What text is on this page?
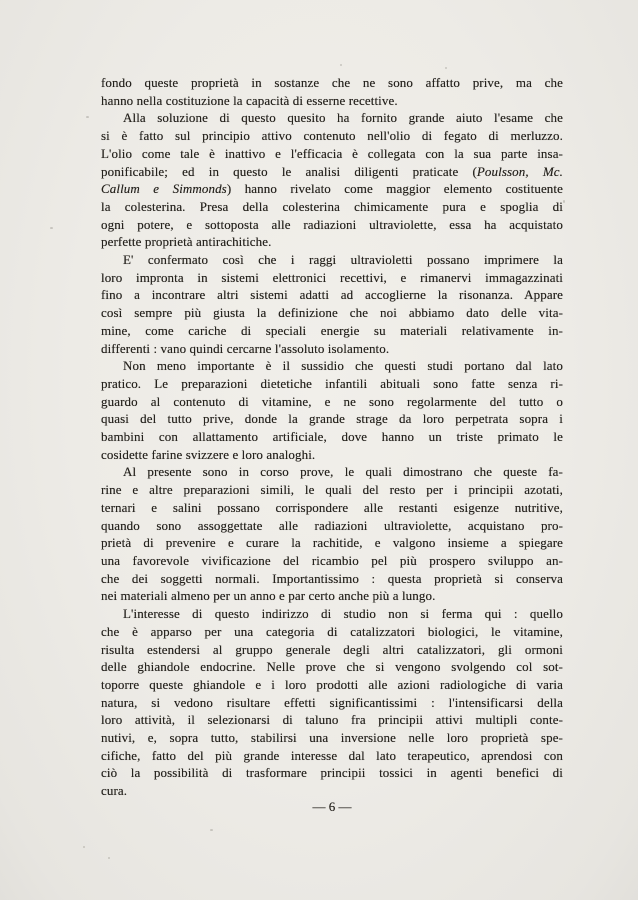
fondo queste proprietà in sostanze che ne sono affatto prive, ma che
hanno nella costituzione la capacità di esserne recettive.
Alla soluzione di questo quesito ha fornito grande aiuto l'esame che
si è fatto sul principio attivo contenuto nell'olio di fegato di merluzzo.
L'olio come tale è inattivo e l'efficacia è collegata con la sua parte insa-
ponificabile; ed in questo le analisi diligenti praticate (Poulsson, Mc.
Callum e Simmonds) hanno rivelato come maggior elemento costituente
la colesterina. Presa della colesterina chimicamente pura e spoglia di
ogni potere, e sottoposta alle radiazioni ultraviolette, essa ha acquistato
perfette proprietà antirachitiche.
E' confermato così che i raggi ultravioletti possano imprimere la
loro impronta in sistemi elettronici recettivi, e rimanervi immagazzinati
fino a incontrare altri sistemi adatti ad accoglierne la risonanza. Appare
così sempre più giusta la definizione che noi abbiamo dato delle vita-
mine, come cariche di speciali energie su materiali relativamente in-
differenti : vano quindi cercarne l'assoluto isolamento.
Non meno importante è il sussidio che questi studi portano dal lato
pratico. Le preparazioni dietetiche infantili abituali sono fatte senza ri-
guardo al contenuto di vitamine, e ne sono regolarmente del tutto o
quasi del tutto prive, donde la grande strage da loro perpetrata sopra i
bambini con allattamento artificiale, dove hanno un triste primato le
cosidette farine svizzere e loro analoghi.
Al presente sono in corso prove, le quali dimostrano che queste fa-
rine e altre preparazioni simili, le quali del resto per i principii azotati,
ternari e salini possano corrispondere alle restanti esigenze nutritive,
quando sono assoggettate alle radiazioni ultraviolette, acquistano pro-
prietà di prevenire e curare la rachitide, e valgono insieme a spiegare
una favorevole vivificazione del ricambio pel più prospero sviluppo an-
che dei soggetti normali. Importantissimo : questa proprietà si conserva
nei materiali almeno per un anno e par certo anche più a lungo.
L'interesse di questo indirizzo di studio non si ferma qui : quello
che è apparso per una categoria di catalizzatori biologici, le vitamine,
risulta estendersi al gruppo generale degli altri catalizzatori, gli ormoni
delle ghiandole endocrine. Nelle prove che si vengono svolgendo col sot-
toporre queste ghiandole e i loro prodotti alle azioni radiologiche di varia
natura, si vedono risultare effetti significantissimi : l'intensificarsi della
loro attività, il selezionarsi di taluno fra principii attivi multipli conte-
nutivi, e, sopra tutto, stabilirsi una inversione nelle loro proprietà spe-
cifiche, fatto del più grande interesse dal lato terapeutico, aprendosi con
ciò la possibilità di trasformare principii tossici in agenti benefici di
cura.
— 6 —
